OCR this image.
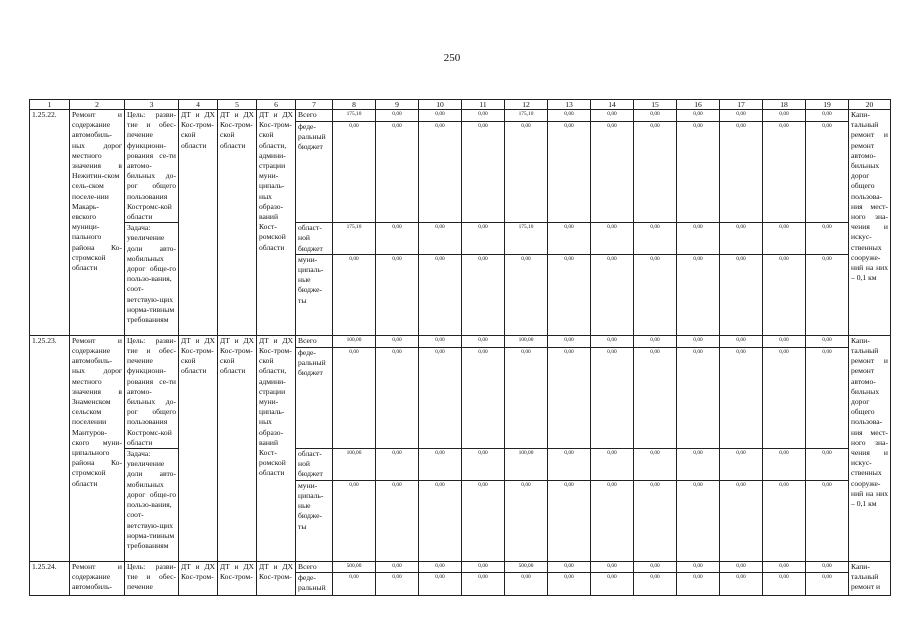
250
1	2	3	4	5	6	7	8	9	10	11	12	13	14	15	16	17	18	19	20
1.25.22.	Ремонт и содержание автомобиль-ных дорог местного значения в Нежитин-ском сель-ском поселе-нии Макарь-евского муници-пального района Ко-стромской области	Цель: разви-тие и обес-печение функциони-рования се-ти автомо-бильных до-рог общего пользования Костромс-кой области	ДТ и ДХ Кос-тром-ской области	ДТ и ДХ Кос-тром-ской области	ДТ и ДХ Кос-тром-ской области, админи-страции муни-ципаль-ных образо-ваний Кост-ромской области	Всего	175,10	0,00	0,00	0,00	175,10	0,00	0,00	0,00	0,00	0,00	0,00	0,00	Капи-тальный ремонт и ремонт автомо-бильных дорог общего пользова-ния мест-ного зна-чения и искус-ственных сооруже-ний на них – 0,1 км
						феде-ральный бюджет	0,00	0,00	0,00	0,00	0,00	0,00	0,00	0,00	0,00	0,00	0,00	0,00	
		Задача: увеличение доли авто-мобильных дорог обще-го пользо-вания, соот-ветствую-щих норма-тивным требованиям				област-ной бюджет	175,10	0,00	0,00	0,00	175,10	0,00	0,00	0,00	0,00	0,00	0,00	0,00	
						муни-ципаль-ные бюдже-ты	0,00	0,00	0,00	0,00	0,00	0,00	0,00	0,00	0,00	0,00	0,00	0,00	
1.25.23.	Ремонт и содержание автомобиль-ных дорог местного значения в Знаменском сельском поселении Мантуров-ского муни-ципального района Ко-стромской области	Цель: разви-тие и обес-печение функциони-рования се-ти автомо-бильных до-рог общего пользования Костромс-кой области	ДТ и ДХ Кос-тром-ской области	ДТ и ДХ Кос-тром-ской области	ДТ и ДХ Кос-тром-ской области, админи-страции муни-ципаль-ных образо-ваний Кост-ромской области	Всего	100,00	0,00	0,00	0,00	100,00	0,00	0,00	0,00	0,00	0,00	0,00	0,00	Капи-тальный ремонт и ремонт автомо-бильных дорог общего пользова-ния мест-ного зна-чения и искус-ственных сооруже-ний на них – 0,1 км
						феде-ральный бюджет	0,00	0,00	0,00	0,00	0,00	0,00	0,00	0,00	0,00	0,00	0,00	0,00	
		Задача: увеличение доли авто-мобильных дорог обще-го пользо-вания, соот-ветствую-щих норма-тивным требованиям				област-ной бюджет	100,00	0,00	0,00	0,00	100,00	0,00	0,00	0,00	0,00	0,00	0,00	0,00	
						муни-ципаль-ные бюдже-ты	0,00	0,00	0,00	0,00	0,00	0,00	0,00	0,00	0,00	0,00	0,00	0,00	
1.25.24.	Ремонт и содержание автомобиль-	Цель: разви-тие и обес-печение	ДТ и ДХ Кос-тром-	ДТ и ДХ Кос-тром-	ДТ и ДХ Кос-тром-	Всего	500,00	0,00	0,00	0,00	500,00	0,00	0,00	0,00	0,00	0,00	0,00	0,00	Капи-тальный ремонт и
						феде-ральный	0,00	0,00	0,00	0,00	0,00	0,00	0,00	0,00	0,00	0,00	0,00	0,00	
